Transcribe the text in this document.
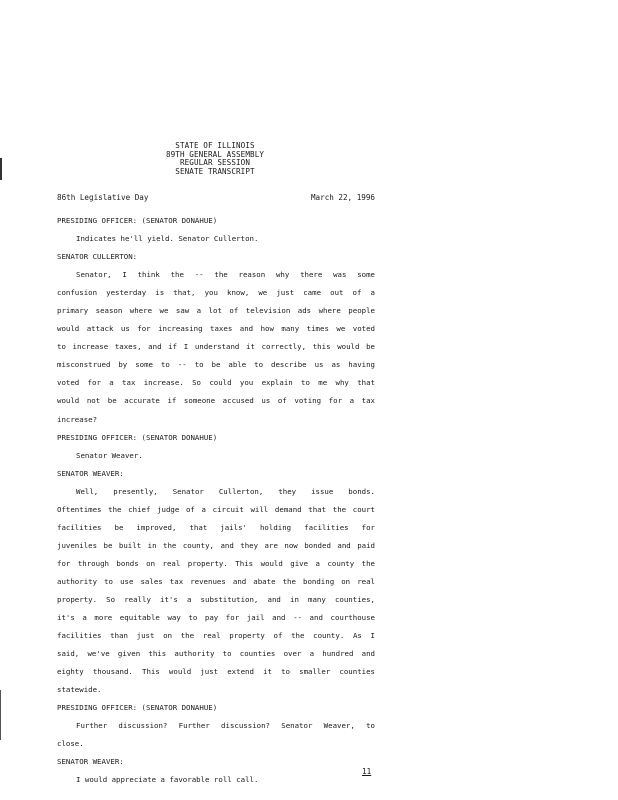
STATE OF ILLINOIS
89TH GENERAL ASSEMBLY
REGULAR SESSION
SENATE TRANSCRIPT
86th Legislative Day	March 22, 1996
PRESIDING OFFICER: (SENATOR DONAHUE)
Indicates he'll yield. Senator Cullerton.
SENATOR CULLERTON:
Senator, I think the -- the reason why there was some
confusion yesterday is that, you know, we just came out of a
primary season where we saw a lot of television ads where people
would attack us for increasing taxes and how many times we voted
to increase taxes, and if I understand it correctly, this would be
misconstrued by some to -- to be able to describe us as having
voted for a tax increase. So could you explain to me why that
would not be accurate if someone accused us of voting for a tax
increase?
PRESIDING OFFICER: (SENATOR DONAHUE)
Senator Weaver.
SENATOR WEAVER:
Well, presently, Senator Cullerton, they issue bonds.
Oftentimes the chief judge of a circuit will demand that the court
facilities be improved, that jails' holding facilities for
juveniles be built in the county, and they are now bonded and paid
for through bonds on real property. This would give a county the
authority to use sales tax revenues and abate the bonding on real
property. So really it's a substitution, and in many counties,
it's a more equitable way to pay for jail and -- and courthouse
facilities than just on the real property of the county. As I
said, we've given this authority to counties over a hundred and
eighty thousand. This would just extend it to smaller counties
statewide.
PRESIDING OFFICER: (SENATOR DONAHUE)
Further discussion? Further discussion? Senator Weaver, to
close.
SENATOR WEAVER:
I would appreciate a favorable roll call.
11
